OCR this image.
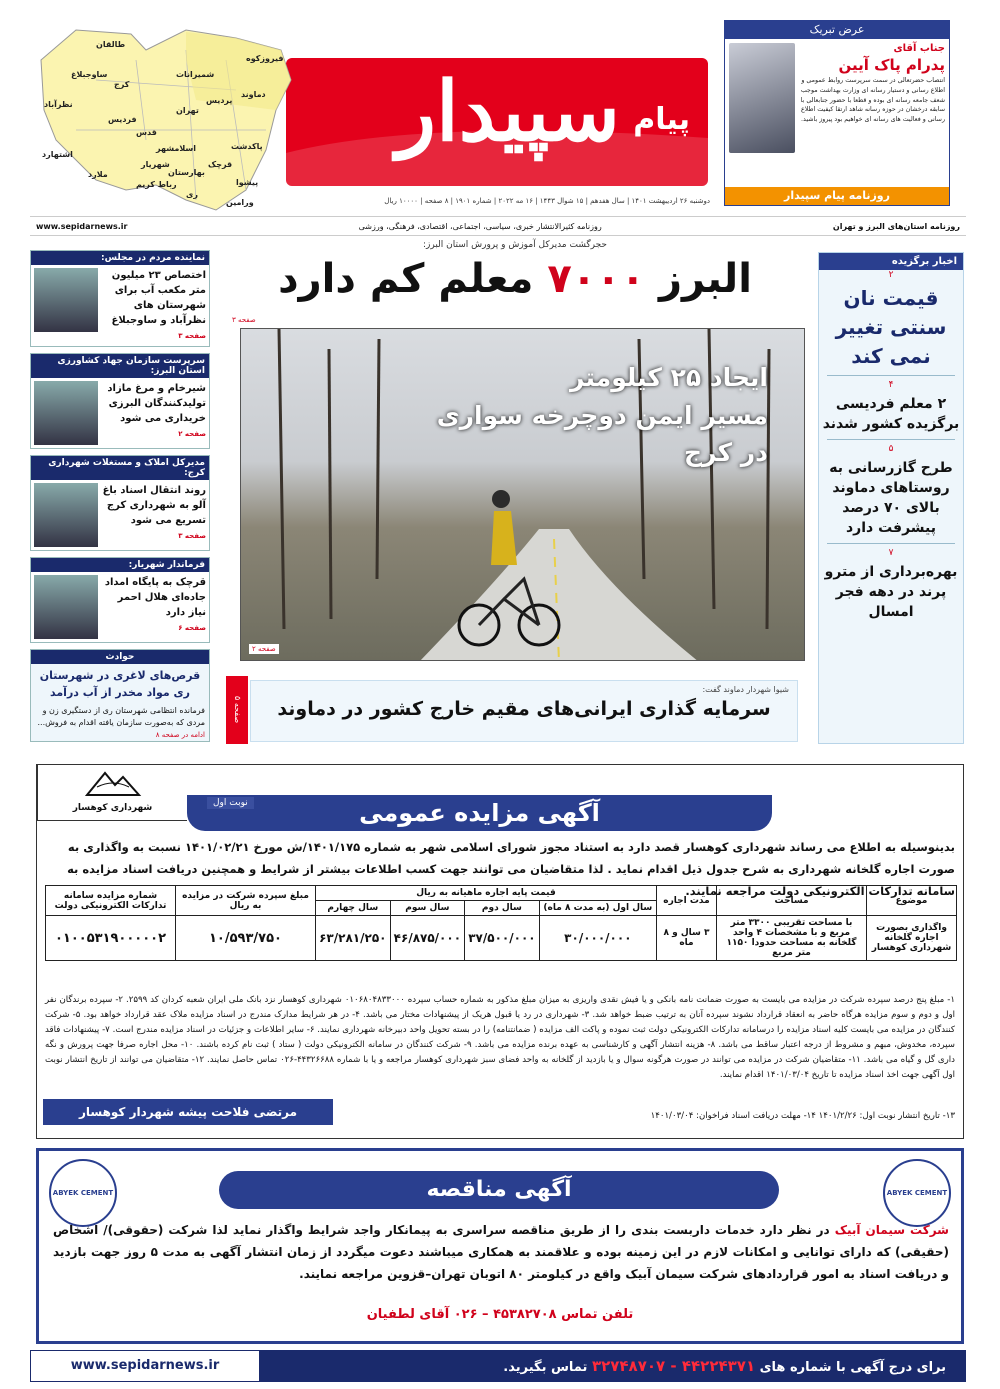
عرض تبریک
جناب آقای
پدرام پاک آیین
انتصاب حضرتعالی در سمت سرپرست روابط عمومی و اطلاع رسانی و دستیار رسانه ای وزارت بهداشت موجب شعف جامعه رسانه ای بوده و قطعا با حضور جنابعالی با سابقه درخشان در حوزه رسانه شاهد ارتقا کیفیت اطلاع رسانی و فعالیت های رسانه ای خواهیم بود پیروز باشید.
روزنامه پیام سپیدار
پیام
سپیدار
دوشنبه ۲۶ اردیبهشت ۱۴۰۱ | سال هفدهم | ۱۵ شوال ۱۴۴۳ | ۱۶ مه ۲۰۲۲ | شماره ۱۹۰۱ | ۸ صفحه | ۱۰۰۰۰ ریال
طالقان
ساوجبلاغ
نظرآباد
اشتهارد
کرج
فردیس
ملارد
شمیرانات
تهران
فیروزکوه
دماوند
پردیس
پاکدشت
پیشوا
ورامین
ری
قرچک
شهریار
رباط کریم
اسلامشهر
قدس
بهارستان
روزنامه استان‌های البرز و تهران
روزنامه کثیرالانتشار خبری، سیاسی، اجتماعی، اقتصادی، فرهنگی، ورزشی
www.sepidarnews.ir
اخبار برگزیده
۲
قیمت نان سنتی تغییر نمی کند
۴
۲ معلم فردیسی برگزیده کشور شدند
۵
طرح گازرسانی به روستاهای دماوند بالای ۷۰ درصد پیشرفت دارد
۷
بهره‌برداری از مترو پرند در دهه فجر امسال
حجرگشت مدیرکل آموزش و پرورش استان البرز:
البرز ۷۰۰۰ معلم کم دارد
صفحه ۳
ایجاد ۲۵ کیلومتر
مسیر ایمن دوچرخه سواری
در کرج
صفحه ۲
صفحه ۵
شیوا شهردار دماوند گفت:
سرمایه گذاری ایرانی‌های مقیم خارج کشور در دماوند
نماینده مردم در مجلس:
اختصاص ۲۳ میلیون متر مکعب آب برای شهرستان های نظرآباد و ساوجبلاغ
صفحه ۳
سرپرست سازمان جهاد کشاورزی استان البرز:
شیرخام و مرغ مازاد تولیدکنندگان البرزی خریداری می شود
صفحه ۲
مدیرکل املاک و مستغلات شهرداری کرج:
روند انتقال اسناد باغ آلو به شهرداری کرج تسریع می شود
صفحه ۳
فرماندار شهریار:
قرچک به پایگاه امداد جاده‌ای هلال احمر نیاز دارد
صفحه ۶
حوادث
قرص‌های لاغری در شهرستان ری مواد مخدر از آب درآمد
فرمانده انتظامی شهرستان ری از دستگیری زن و مردی که به‌صورت سازمان یافته اقدام به فروش...
ادامه در صفحه ۸
شهرداری کوهسار	آگهی مزایده عمومی
نوبت اول
بدینوسیله به اطلاع می رساند شهرداری کوهسار قصد دارد به استناد مجوز شورای اسلامی شهر به شماره ۱۴۰۱/۱۷۵/ش مورخ ۱۴۰۱/۰۲/۲۱ نسبت به واگذاری به صورت اجاره گلخانه شهرداری به شرح جدول ذیل اقدام نماید . لذا متقاضیان می توانند جهت کسب اطلاعات بیشتر از شرایط و همچنین دریافت اسناد مزایده به سامانه تدارکات الکترونیکی دولت مراجعه نمایند.
موضوع	مساحت	مدت اجاره	قیمت پایه اجاره ماهیانه به ریال				مبلغ سپرده شرکت در مزایده به ریال	شماره مزایده سامانه تدارکات الکترونیکی دولت
			سال اول (به مدت ۸ ماه)	سال دوم	سال سوم	سال چهارم		
واگذاری بصورت اجاره گلخانه شهرداری کوهسار	با مساحت تقریبی ۳۳۰۰ متر مربع و با مشخصات ۴ واحد گلخانه به مساحت حدودا ۱۱۵۰ متر مربع	۳ سال و ۸ ماه	۳۰/۰۰۰/۰۰۰	۳۷/۵۰۰/۰۰۰	۴۶/۸۷۵/۰۰۰	۶۳/۲۸۱/۲۵۰	۱۰/۵۹۳/۷۵۰	۰۱۰۰۵۳۱۹۰۰۰۰۰۲
۱- مبلغ پنج درصد سپرده شرکت در مزایده می بایست به صورت ضمانت نامه بانکی و یا فیش نقدی واریزی به میزان مبلغ مذکور به شماره حساب سپرده ۰۱۰۶۸۰۴۸۳۳۰۰۰ شهرداری کوهسار نزد بانک ملی ایران شعبه کردان کد ۲۵۹۹. ۲- سپرده برندگان نفر اول و دوم و سوم مزایده هرگاه حاضر به انعقاد قرارداد نشوند سپرده آنان به ترتیب ضبط خواهد شد. ۳- شهرداری در رد یا قبول هریک از پیشنهادات مختار می باشد. ۴- در هر شرایط مدارک مندرج در اسناد مزایده ملاک عقد قرارداد خواهد بود. ۵- شرکت کنندگان در مزایده می بایست کلیه اسناد مزایده را درسامانه تدارکات الکترونیکی دولت ثبت نموده و پاکت الف مزایده ( ضمانتنامه) را در بسته تحویل واحد دبیرخانه شهرداری نمایند. ۶- سایر اطلاعات و جزئیات در اسناد مزایده مندرج است. ۷- پیشنهادات فاقد سپرده، مخدوش، مبهم و مشروط از درجه اعتبار ساقط می باشد. ۸- هزینه انتشار آگهی و کارشناسی به عهده برنده مزایده می باشد. ۹- شرکت کنندگان در سامانه الکترونیکی دولت ( ستاد ) ثبت نام کرده باشند. ۱۰- محل اجاره صرفا جهت پرورش و نگه داری گل و گیاه می باشد. ۱۱- متقاضیان شرکت در مزایده می توانند در صورت هرگونه سوال و یا بازدید از گلخانه به واحد فضای سبز شهرداری کوهسار مراجعه و یا با شماره ۴۴۳۲۶۶۸۸-۰۲۶ تماس حاصل نمایند. ۱۲- متقاضیان می توانند از تاریخ انتشار نوبت اول آگهی جهت اخذ اسناد مزایده تا تاریخ ۱۴۰۱/۰۳/۰۴ اقدام نمایند.
۱۳- تاریخ انتشار نوبت اول: ۱۴۰۱/۲/۲۶ ۱۴- مهلت دریافت اسناد فراخوان: ۱۴۰۱/۰۳/۰۴
مرتضی فلاحت پیشه شهردار کوهسار
ABYEK CEMENT
ABYEK CEMENT	آگهی مناقصه
شرکت سیمان آبیک در نظر دارد خدمات داربست بندی را از طریق مناقصه سراسری به پیمانکار واجد شرایط واگذار نماید لذا شرکت (حقوقی)/ اشخاص (حقیقی) که دارای توانایی و امکانات لازم در این زمینه بوده و علاقمند به همکاری میباشند دعوت میگردد از زمان انتشار آگهی به مدت ۵ روز جهت بازدید و دریافت اسناد به امور قراردادهای شرکت سیمان آبیک واقع در کیلومتر ۸۰ اتوبان تهران–قزوین مراجعه نمایند.
تلفن تماس ۴۵۳۸۲۷۰۸ – ۰۲۶ آقای لطفیان
برای درج آگهی با شماره های ۴۴۲۲۴۳۷۱ - ۳۲۷۴۸۷۰۷ تماس بگیرید.
www.sepidarnews.ir
